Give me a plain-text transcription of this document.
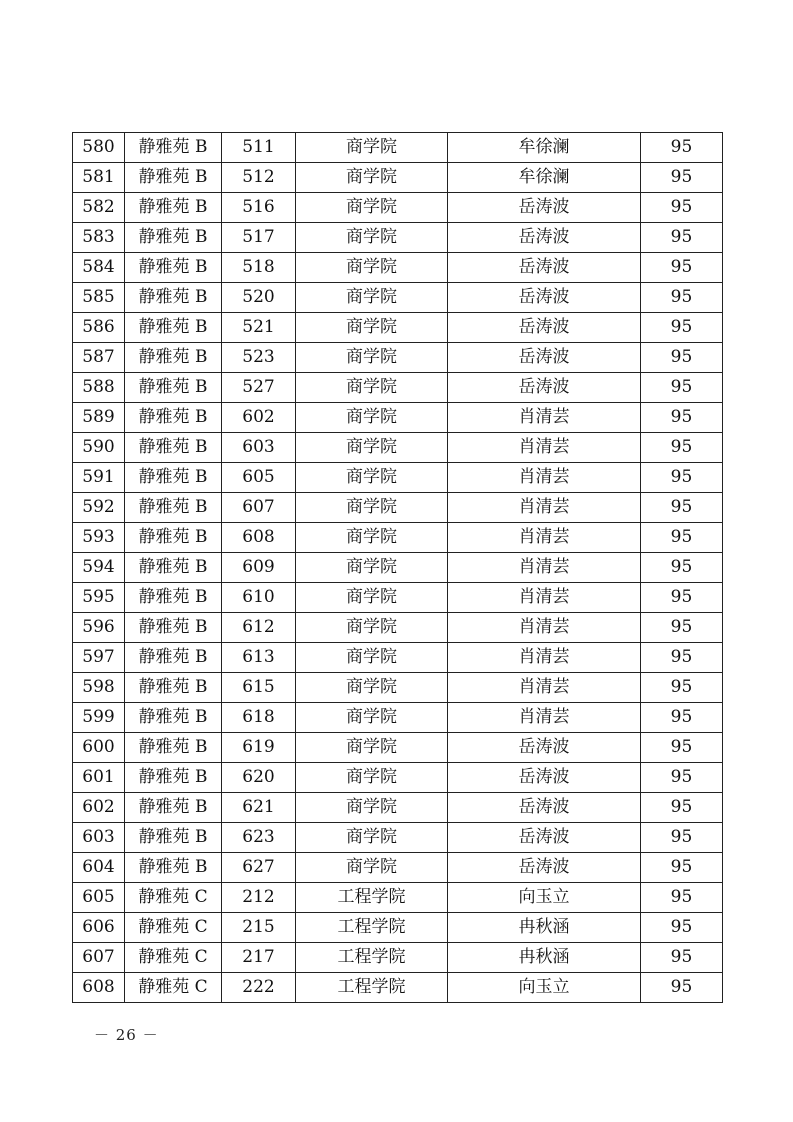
580	静雅苑 B	511	商学院	牟徐澜	95
581	静雅苑 B	512	商学院	牟徐澜	95
582	静雅苑 B	516	商学院	岳涛波	95
583	静雅苑 B	517	商学院	岳涛波	95
584	静雅苑 B	518	商学院	岳涛波	95
585	静雅苑 B	520	商学院	岳涛波	95
586	静雅苑 B	521	商学院	岳涛波	95
587	静雅苑 B	523	商学院	岳涛波	95
588	静雅苑 B	527	商学院	岳涛波	95
589	静雅苑 B	602	商学院	肖清芸	95
590	静雅苑 B	603	商学院	肖清芸	95
591	静雅苑 B	605	商学院	肖清芸	95
592	静雅苑 B	607	商学院	肖清芸	95
593	静雅苑 B	608	商学院	肖清芸	95
594	静雅苑 B	609	商学院	肖清芸	95
595	静雅苑 B	610	商学院	肖清芸	95
596	静雅苑 B	612	商学院	肖清芸	95
597	静雅苑 B	613	商学院	肖清芸	95
598	静雅苑 B	615	商学院	肖清芸	95
599	静雅苑 B	618	商学院	肖清芸	95
600	静雅苑 B	619	商学院	岳涛波	95
601	静雅苑 B	620	商学院	岳涛波	95
602	静雅苑 B	621	商学院	岳涛波	95
603	静雅苑 B	623	商学院	岳涛波	95
604	静雅苑 B	627	商学院	岳涛波	95
605	静雅苑 C	212	工程学院	向玉立	95
606	静雅苑 C	215	工程学院	冉秋涵	95
607	静雅苑 C	217	工程学院	冉秋涵	95
608	静雅苑 C	222	工程学院	向玉立	95
－ 26 －
